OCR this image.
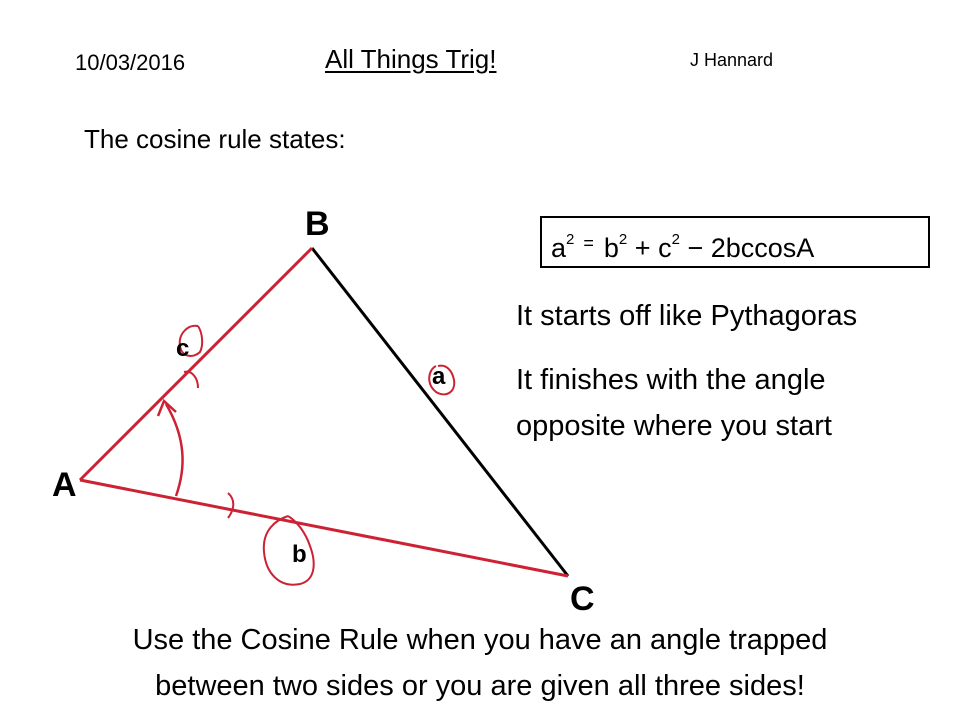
10/03/2016	All Things Trig!	J Hannard
The cosine rule states:
$a^2$ = $b^2 + c^2 - 2bccosA$
It starts off like Pythagoras
It finishes with the angle
opposite where you start
A
B
C
c
a
b
Use the Cosine Rule when you have an angle trapped
between two sides or you are given all three sides!
